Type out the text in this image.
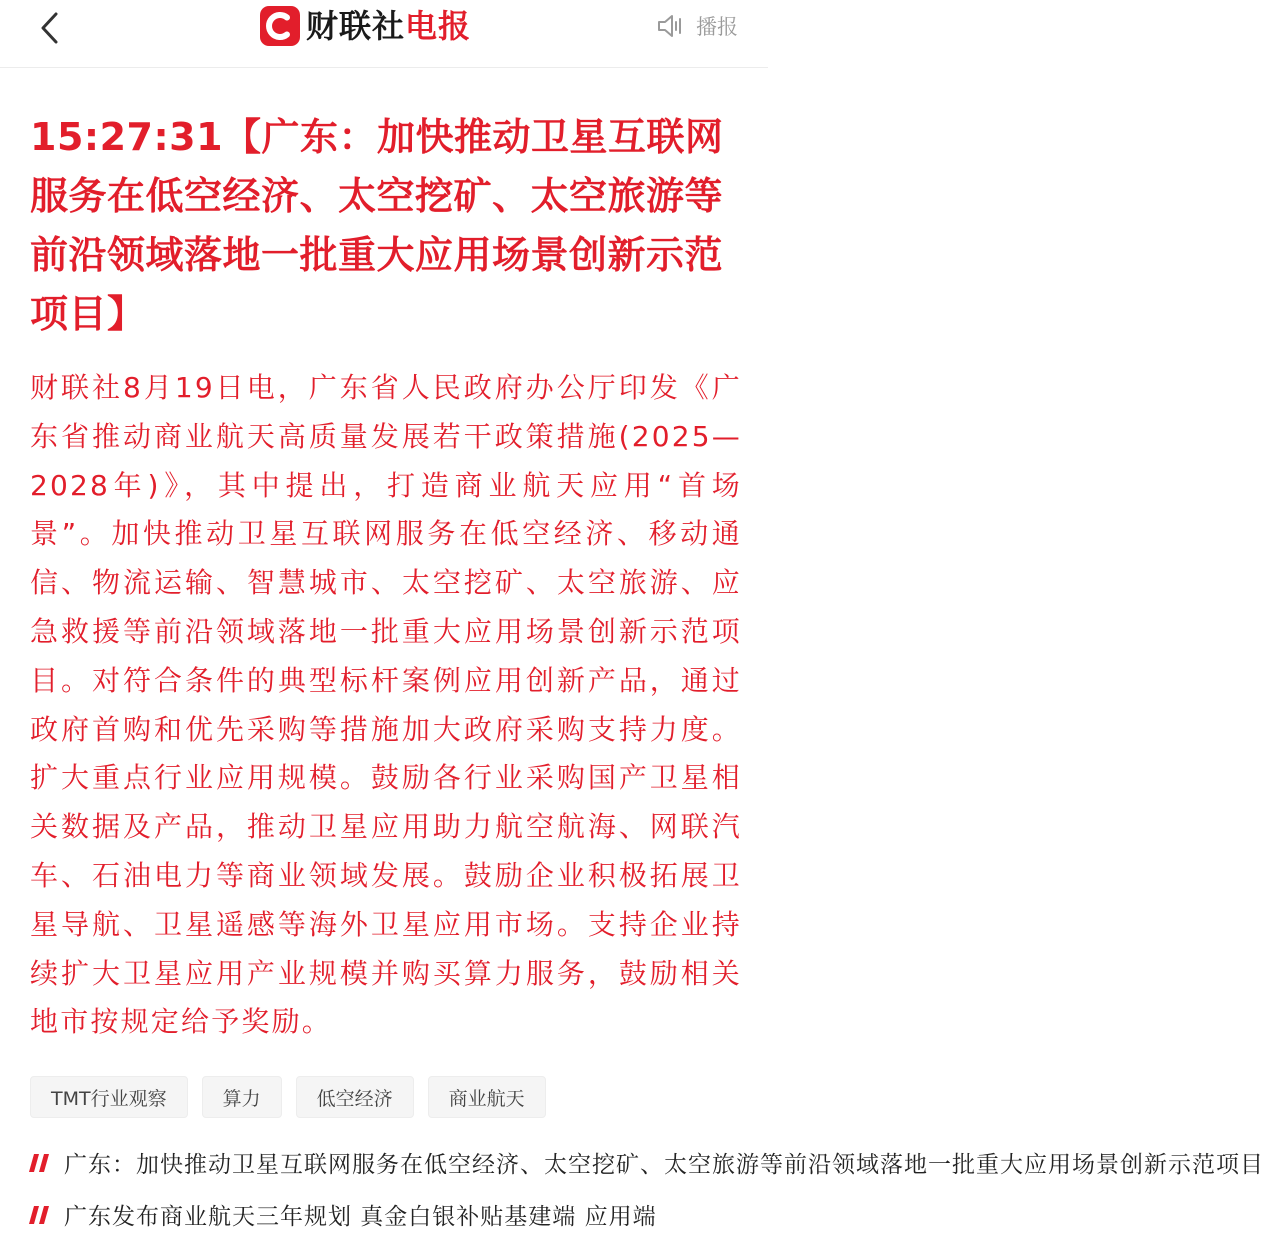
财联社电报	播报
15:27:31【广东：加快推动卫星互联网服务在低空经济、太空挖矿、太空旅游等前沿领域落地一批重大应用场景创新示范项目】

财联社8月19日电，广东省人民政府办公厅印发《广东省推动商业航天高质量发展若干政策措施(2025—2028年)》，其中提出，打造商业航天应用“首场景”。加快推动卫星互联网服务在低空经济、移动通信、物流运输、智慧城市、太空挖矿、太空旅游、应急救援等前沿领域落地一批重大应用场景创新示范项目。对符合条件的典型标杆案例应用创新产品，通过政府首购和优先采购等措施加大政府采购支持力度。扩大重点行业应用规模。鼓励各行业采购国产卫星相关数据及产品，推动卫星应用助力航空航海、网联汽车、石油电力等商业领域发展。鼓励企业积极拓展卫星导航、卫星遥感等海外卫星应用市场。支持企业持续扩大卫星应用产业规模并购买算力服务，鼓励相关地市按规定给予奖励。

TMT行业观察	算力	低空经济	商业航天
广东：加快推动卫星互联网服务在低空经济、太空挖矿、太空旅游等前沿领域落地一批重大应用场景创新示范项目
广东发布商业航天三年规划 真金白银补贴基建端 应用端
